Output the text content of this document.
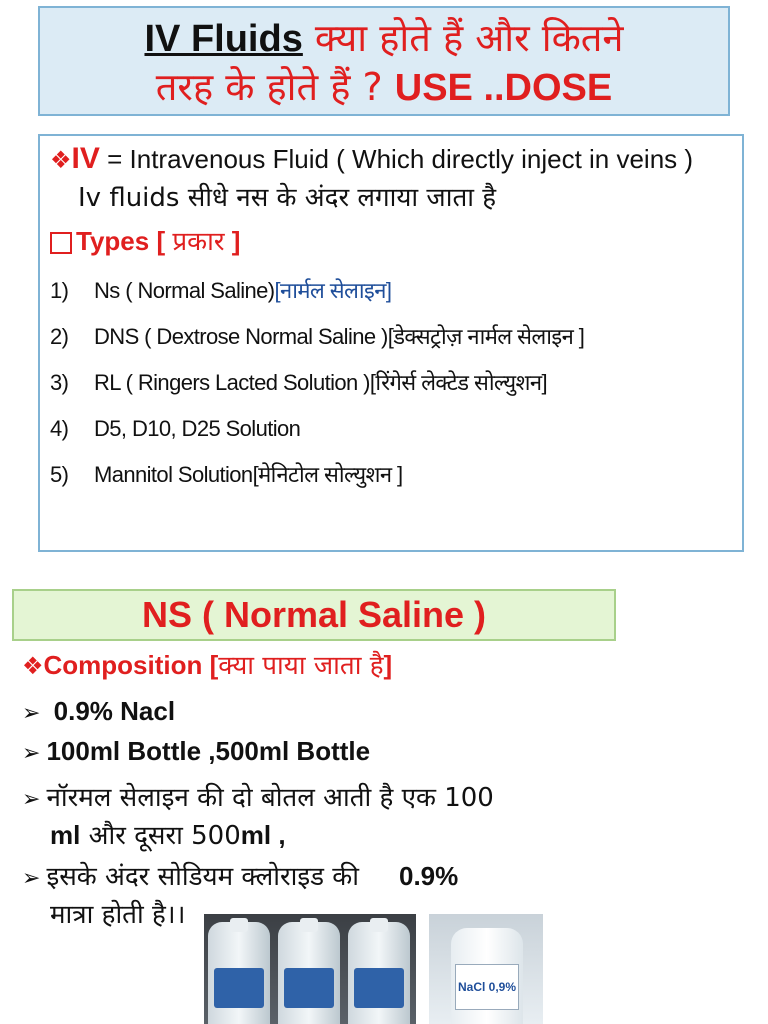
IV Fluids क्या होते हैं और कितने
तरह के होते हैं ? USE ..DOSE
❖IV = Intravenous Fluid ( Which directly inject in veins )
Iv fluids सीधे नस के अंदर लगाया जाता है
Types [ प्रकार ]
1)	Ns ( Normal Saline) [नार्मल सेलाइन]
2)	DNS ( Dextrose Normal Saline ) [डेक्सट्रोज़ नार्मल सेलाइन ]
3)	RL ( Ringers Lacted Solution ) [रिंगेर्स लेक्टेड सोल्युशन]
4)	D5, D10, D25 Solution
5)	Mannitol Solution [मेनिटोल सोल्युशन ]
NS ( Normal Saline )
❖Composition [क्या पाया जाता है]
➢ 0.9% Nacl
➢ 100ml Bottle ,500ml Bottle
➢ नॉरमल सेलाइन की दो बोतल आती है एक 100
ml और दूसरा 500ml ,
➢ इसके अंदर सोडियम क्लोराइड की 0.9%
मात्रा होती है।।
NaCl 0,9%
